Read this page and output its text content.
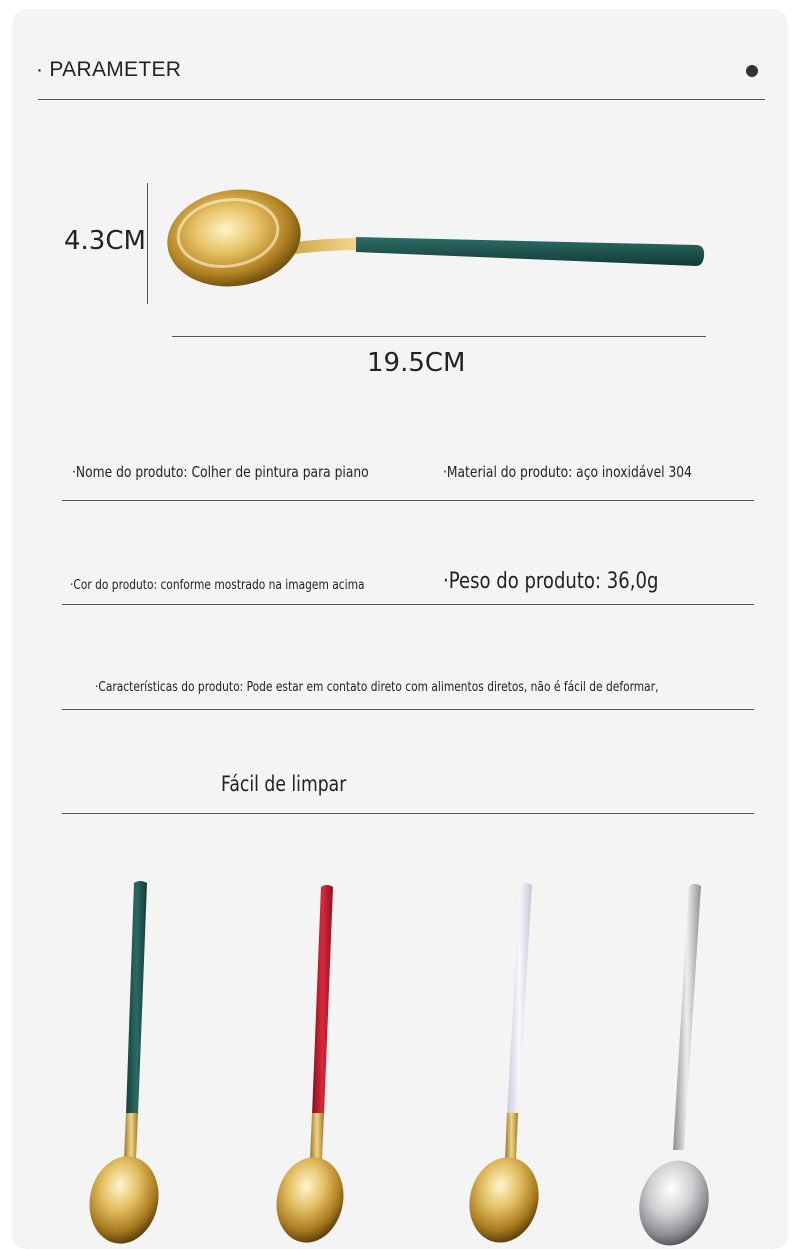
· PARAMETER
4.3CM
19.5CM
·Nome do produto: Colher de pintura para piano	·Material do produto: aço inoxidável 304
·Cor do produto: conforme mostrado na imagem acima	·Peso do produto: 36,0g
·Características do produto: Pode estar em contato direto com alimentos diretos, não é fácil de deformar,
Fácil de limpar
